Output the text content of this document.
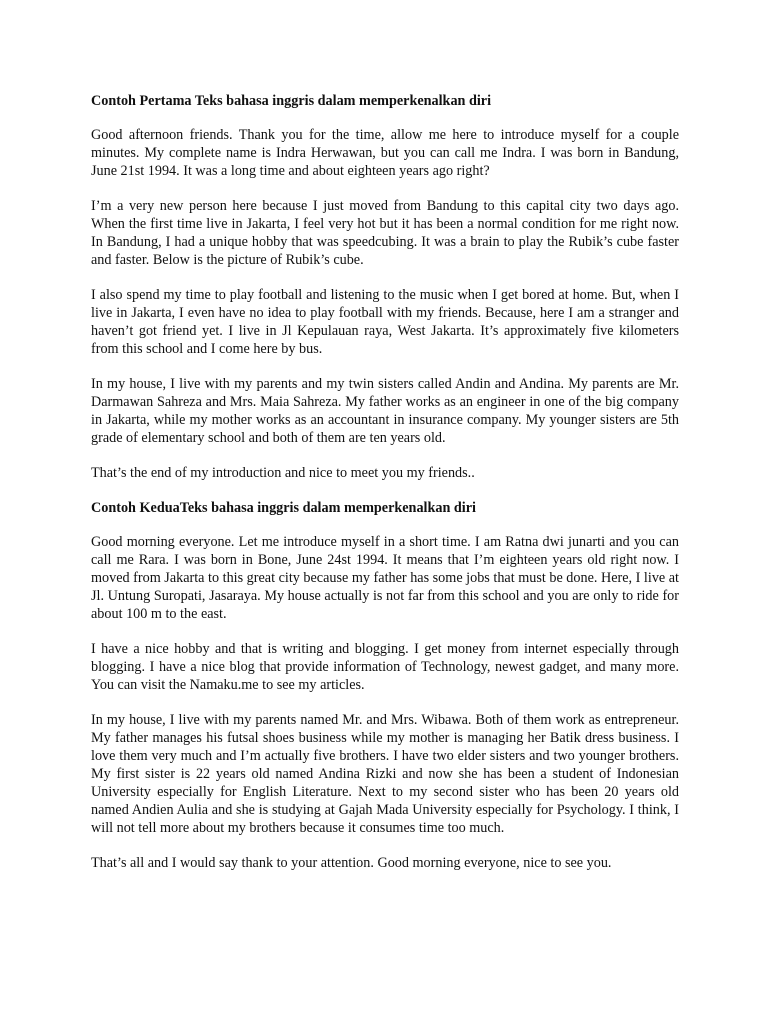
Contoh Pertama Teks bahasa inggris dalam memperkenalkan diri

Good afternoon friends. Thank you for the time, allow me here to introduce myself for a couple minutes. My complete name is Indra Herwawan, but you can call me Indra. I was born in Bandung, June 21st 1994. It was a long time and about eighteen years ago right?

I’m a very new person here because I just moved from Bandung to this capital city two days ago. When the first time live in Jakarta, I feel very hot but it has been a normal condition for me right now. In Bandung, I had a unique hobby that was speedcubing. It was a brain to play the Rubik’s cube faster and faster. Below is the picture of Rubik’s cube.

I also spend my time to play football and listening to the music when I get bored at home. But, when I live in Jakarta, I even have no idea to play football with my friends. Because, here I am a stranger and haven’t got friend yet. I live in Jl Kepulauan raya, West Jakarta. It’s approximately five kilometers from this school and I come here by bus.

In my house, I live with my parents and my twin sisters called Andin and Andina. My parents are Mr. Darmawan Sahreza and Mrs. Maia Sahreza. My father works as an engineer in one of the big company in Jakarta, while my mother works as an accountant in insurance company. My younger sisters are 5th grade of elementary school and both of them are ten years old.

That’s the end of my introduction and nice to meet you my friends..

Contoh KeduaTeks bahasa inggris dalam memperkenalkan diri

Good morning everyone. Let me introduce myself in a short time. I am Ratna dwi junarti and you can call me Rara. I was born in Bone, June 24st 1994. It means that I’m eighteen years old right now. I moved from Jakarta to this great city because my father has some jobs that must be done. Here, I live at Jl. Untung Suropati, Jasaraya. My house actually is not far from this school and you are only to ride for about 100 m to the east.

I have a nice hobby and that is writing and blogging. I get money from internet especially through blogging. I have a nice blog that provide information of Technology, newest gadget, and many more. You can visit the Namaku.me to see my articles.

In my house, I live with my parents named Mr. and Mrs. Wibawa. Both of them work as entrepreneur. My father manages his futsal shoes business while my mother is managing her Batik dress business. I love them very much and I’m actually five brothers. I have two elder sisters and two younger brothers. My first sister is 22 years old named Andina Rizki and now she has been a student of Indonesian University especially for English Literature. Next to my second sister who has been 20 years old named Andien Aulia and she is studying at Gajah Mada University especially for Psychology. I think, I will not tell more about my brothers because it consumes time too much.

That’s all and I would say thank to your attention. Good morning everyone, nice to see you.
